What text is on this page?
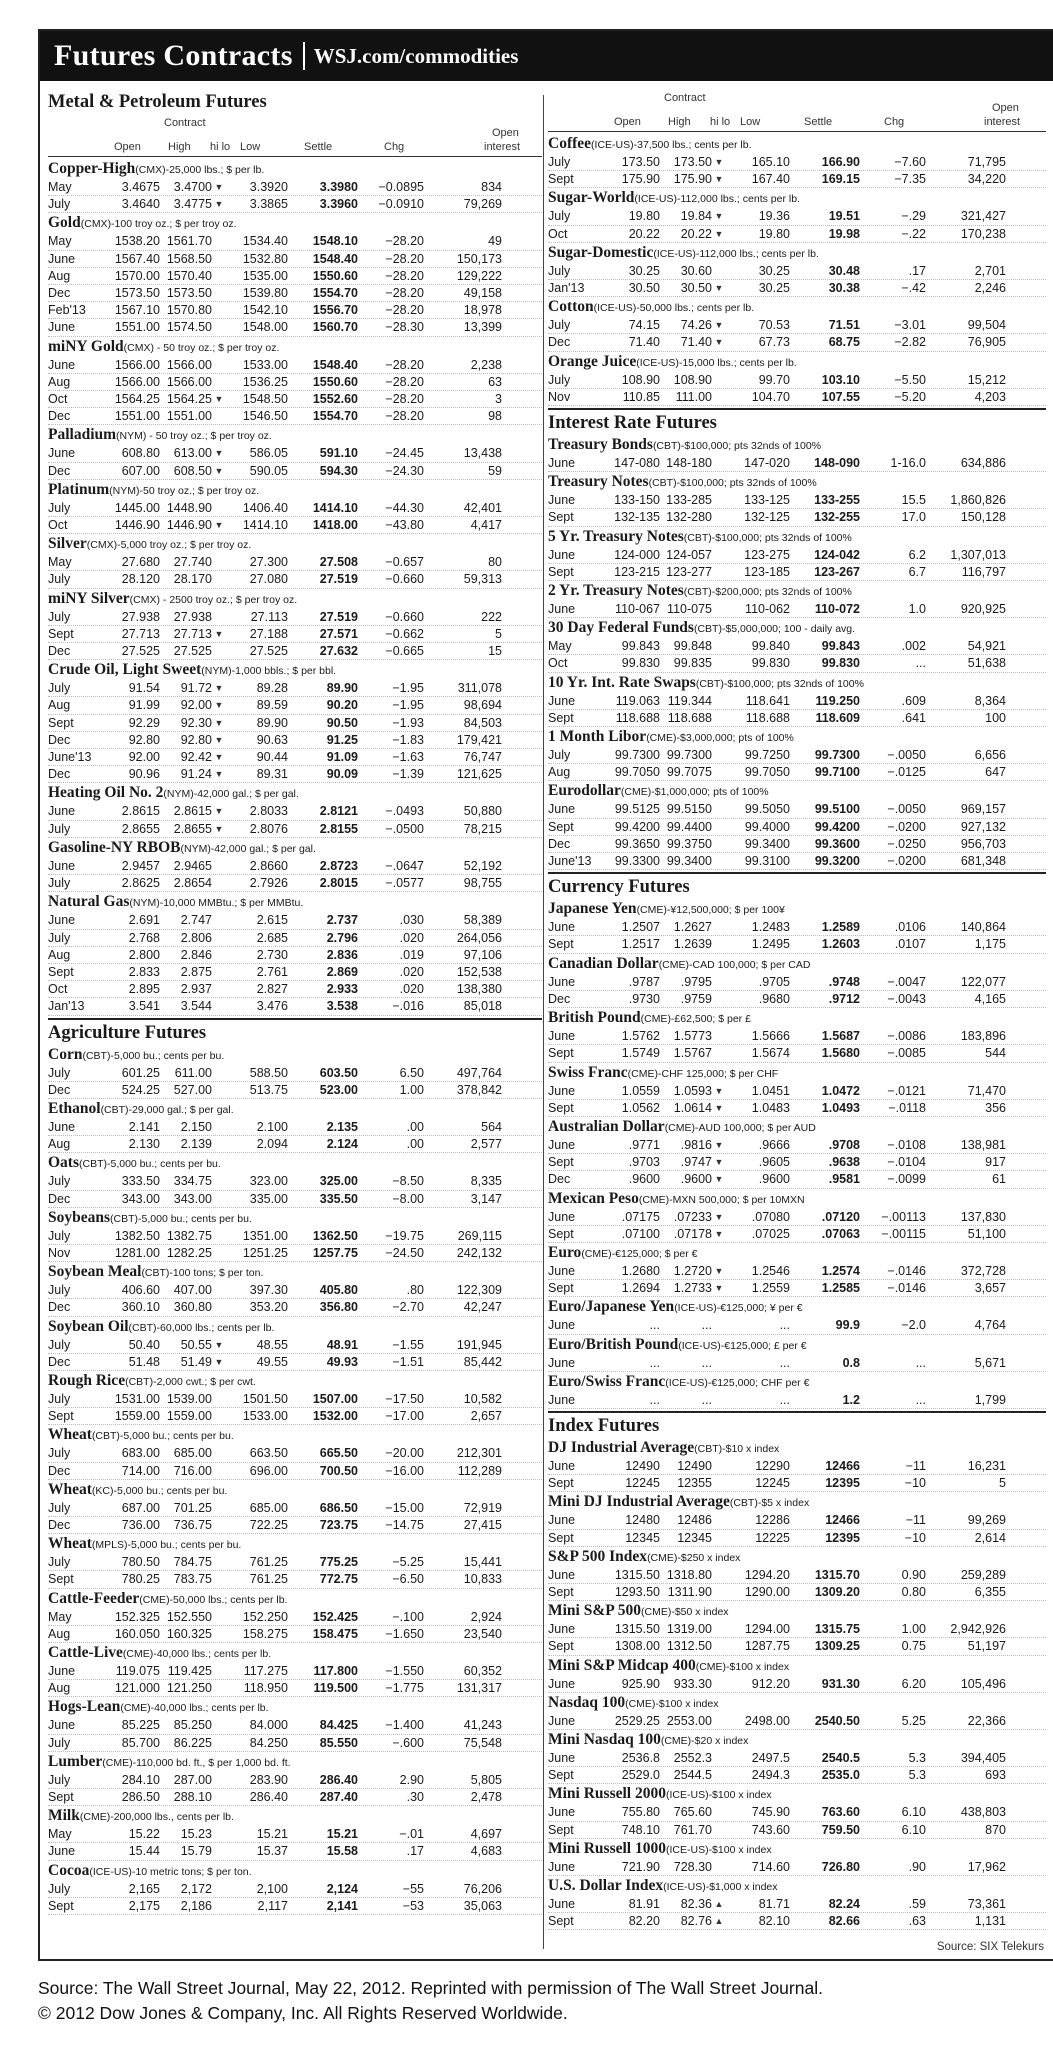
Futures Contracts WSJ.com/commodities
Metal & Petroleum Futures
Contract
Open High hi lo Low	Settle	Chg
Open
interest
Copper-High(CMX)-25,000 lbs.; $ per lb.
May	3.4675	3.4700 ▼	3.3920	3.3980	−0.0895	834
July	3.4640	3.4775 ▼	3.3865	3.3960	−0.0910	79,269
Gold(CMX)-100 troy oz.; $ per troy oz.
May	1538.20 1561.70	1534.40	1548.10	−28.20	49
June	1567.40 1568.50	1532.80	1548.40	−28.20	150,173
Aug	1570.00 1570.40	1535.00	1550.60	−28.20	129,222
Dec	1573.50 1573.50	1539.80	1554.70	−28.20	49,158
Feb'13	1567.10 1570.80	1542.10	1556.70	−28.20	18,978
June	1551.00 1574.50	1548.00	1560.70	−28.30	13,399
miNY Gold(CMX) - 50 troy oz.; $ per troy oz.
June	1566.00 1566.00	1533.00	1548.40	−28.20	2,238
Aug	1566.00 1566.00	1536.25	1550.60	−28.20	63
Oct	1564.25 1564.25 ▼	1548.50	1552.60	−28.20	3
Dec	1551.00 1551.00	1546.50	1554.70	−28.20	98
Palladium(NYM) - 50 troy oz.; $ per troy oz.
June	608.80	613.00 ▼	586.05	591.10	−24.45	13,438
Dec	607.00	608.50 ▼	590.05	594.30	−24.30	59
Platinum(NYM)-50 troy oz.; $ per troy oz.
July	1445.00 1448.90	1406.40	1414.10	−44.30	42,401
Oct	1446.90 1446.90 ▼	1414.10	1418.00	−43.80	4,417
Silver(CMX)-5,000 troy oz.; $ per troy oz.
May	27.680	27.740	27.300	27.508	−0.657	80
July	28.120	28.170	27.080	27.519	−0.660	59,313
miNY Silver(CMX) - 2500 troy oz.; $ per troy oz.
July	27.938	27.938	27.113	27.519	−0.660	222
Sept	27.713	27.713 ▼	27.188	27.571	−0.662	5
Dec	27.525	27.525	27.525	27.632	−0.665	15
Crude Oil, Light Sweet(NYM)-1,000 bbls.; $ per bbl.
July	91.54	91.72 ▼	89.28	89.90	−1.95	311,078
Aug	91.99	92.00 ▼	89.59	90.20	−1.95	98,694
Sept	92.29	92.30 ▼	89.90	90.50	−1.93	84,503
Dec	92.80	92.80 ▼	90.63	91.25	−1.83	179,421
June'13	92.00	92.42 ▼	90.44	91.09	−1.63	76,747
Dec	90.96	91.24 ▼	89.31	90.09	−1.39	121,625
Heating Oil No. 2(NYM)-42,000 gal.; $ per gal.
June	2.8615	2.8615 ▼	2.8033	2.8121	−.0493	50,880
July	2.8655	2.8655 ▼	2.8076	2.8155	−.0500	78,215
Gasoline-NY RBOB(NYM)-42,000 gal.; $ per gal.
June	2.9457	2.9465	2.8660	2.8723	−.0647	52,192
July	2.8625	2.8654	2.7926	2.8015	−.0577	98,755
Natural Gas(NYM)-10,000 MMBtu.; $ per MMBtu.
June	2.691	2.747	2.615	2.737	.030	58,389
July	2.768	2.806	2.685	2.796	.020	264,056
Aug	2.800	2.846	2.730	2.836	.019	97,106
Sept	2.833	2.875	2.761	2.869	.020	152,538
Oct	2.895	2.937	2.827	2.933	.020	138,380
Jan'13	3.541	3.544	3.476	3.538	−.016	85,018
Agriculture Futures
Corn(CBT)-5,000 bu.; cents per bu.
July	601.25	611.00	588.50	603.50	6.50	497,764
Dec	524.25	527.00	513.75	523.00	1.00	378,842
Ethanol(CBT)-29,000 gal.; $ per gal.
June	2.141	2.150	2.100	2.135	.00	564
Aug	2.130	2.139	2.094	2.124	.00	2,577
Oats(CBT)-5,000 bu.; cents per bu.
July	333.50	334.75	323.00	325.00	−8.50	8,335
Dec	343.00	343.00	335.00	335.50	−8.00	3,147
Soybeans(CBT)-5,000 bu.; cents per bu.
July	1382.50 1382.75	1351.00	1362.50	−19.75	269,115
Nov	1281.00 1282.25	1251.25	1257.75	−24.50	242,132
Soybean Meal(CBT)-100 tons; $ per ton.
July	406.60	407.00	397.30	405.80	.80	122,309
Dec	360.10	360.80	353.20	356.80	−2.70	42,247
Soybean Oil(CBT)-60,000 lbs.; cents per lb.
July	50.40	50.55 ▼	48.55	48.91	−1.55	191,945
Dec	51.48	51.49 ▼	49.55	49.93	−1.51	85,442
Rough Rice(CBT)-2,000 cwt.; $ per cwt.
July	1531.00 1539.00	1501.50	1507.00	−17.50	10,582
Sept	1559.00 1559.00	1533.00	1532.00	−17.00	2,657
Wheat(CBT)-5,000 bu.; cents per bu.
July	683.00	685.00	663.50	665.50	−20.00	212,301
Dec	714.00	716.00	696.00	700.50	−16.00	112,289
Wheat(KC)-5,000 bu.; cents per bu.
July	687.00	701.25	685.00	686.50	−15.00	72,919
Dec	736.00	736.75	722.25	723.75	−14.75	27,415
Wheat(MPLS)-5,000 bu.; cents per bu.
July	780.50	784.75	761.25	775.25	−5.25	15,441
Sept	780.25	783.75	761.25	772.75	−6.50	10,833
Cattle-Feeder(CME)-50,000 lbs.; cents per lb.
May	152.325 152.550	152.250	152.425	−.100	2,924
Aug	160.050 160.325	158.275	158.475	−1.650	23,540
Cattle-Live(CME)-40,000 lbs.; cents per lb.
June	119.075 119.425	117.275	117.800	−1.550	60,352
Aug	121.000 121.250	118.950	119.500	−1.775	131,317
Hogs-Lean(CME)-40,000 lbs.; cents per lb.
June	85.225	85.250	84.000	84.425	−1.400	41,243
July	85.700	86.225	84.250	85.550	−.600	75,548
Lumber(CME)-110,000 bd. ft., $ per 1,000 bd. ft.
July	284.10	287.00	283.90	286.40	2.90	5,805
Sept	286.50	288.10	286.40	287.40	.30	2,478
Milk(CME)-200,000 lbs., cents per lb.
May	15.22	15.23	15.21	15.21	−.01	4,697
June	15.44	15.79	15.37	15.58	.17	4,683
Cocoa(ICE-US)-10 metric tons; $ per ton.
July	2,165	2,172	2,100	2,124	−55	76,206
Sept	2,175	2,186	2,117	2,141	−53	35,063
Contract
Open High hi lo Low	Settle	Chg
Open
interest
Coffee(ICE-US)-37,500 lbs.; cents per lb.
July	173.50	173.50 ▼	165.10	166.90	−7.60	71,795
Sept	175.90	175.90 ▼	167.40	169.15	−7.35	34,220
Sugar-World(ICE-US)-112,000 lbs.; cents per lb.
July	19.80	19.84 ▼	19.36	19.51	−.29	321,427
Oct	20.22	20.22 ▼	19.80	19.98	−.22	170,238
Sugar-Domestic(ICE-US)-112,000 lbs.; cents per lb.
July	30.25	30.60	30.25	30.48	.17	2,701
Jan'13	30.50	30.50 ▼	30.25	30.38	−.42	2,246
Cotton(ICE-US)-50,000 lbs.; cents per lb.
July	74.15	74.26 ▼	70.53	71.51	−3.01	99,504
Dec	71.40	71.40 ▼	67.73	68.75	−2.82	76,905
Orange Juice(ICE-US)-15,000 lbs.; cents per lb.
July	108.90	108.90	99.70	103.10	−5.50	15,212
Nov	110.85	111.00	104.70	107.55	−5.20	4,203
Interest Rate Futures
Treasury Bonds(CBT)-$100,000; pts 32nds of 100%
June	147-080 148-180	147-020	148-090	1-16.0	634,886
Treasury Notes(CBT)-$100,000; pts 32nds of 100%
June	133-150 133-285	133-125	133-255	15.5	1,860,826
Sept	132-135 132-280	132-125	132-255	17.0	150,128
5 Yr. Treasury Notes(CBT)-$100,000; pts 32nds of 100%
June	124-000 124-057	123-275	124-042	6.2	1,307,013
Sept	123-215 123-277	123-185	123-267	6.7	116,797
2 Yr. Treasury Notes(CBT)-$200,000; pts 32nds of 100%
June	110-067 110-075	110-062	110-072	1.0	920,925
30 Day Federal Funds(CBT)-$5,000,000; 100 - daily avg.
May	99.843	99.848	99.840	99.843	.002	54,921
Oct	99.830	99.835	99.830	99.830	...	51,638
10 Yr. Int. Rate Swaps(CBT)-$100,000; pts 32nds of 100%
June	119.063 119.344	118.641	119.250	.609	8,364
Sept	118.688 118.688	118.688	118.609	.641	100
1 Month Libor(CME)-$3,000,000; pts of 100%
July	99.7300 99.7300	99.7250	99.7300	−.0050	6,656
Aug	99.7050 99.7075	99.7050	99.7100	−.0125	647
Eurodollar(CME)-$1,000,000; pts of 100%
June	99.5125 99.5150	99.5050	99.5100	−.0050	969,157
Sept	99.4200 99.4400	99.4000	99.4200	−.0200	927,132
Dec	99.3650 99.3750	99.3400	99.3600	−.0250	956,703
June'13	99.3300 99.3400	99.3100	99.3200	−.0200	681,348
Currency Futures
Japanese Yen(CME)-¥12,500,000; $ per 100¥
June	1.2507	1.2627	1.2483	1.2589	.0106	140,864
Sept	1.2517	1.2639	1.2495	1.2603	.0107	1,175
Canadian Dollar(CME)-CAD 100,000; $ per CAD
June	.9787	.9795	.9705	.9748	−.0047	122,077
Dec	.9730	.9759	.9680	.9712	−.0043	4,165
British Pound(CME)-£62,500; $ per £
June	1.5762	1.5773	1.5666	1.5687	−.0086	183,896
Sept	1.5749	1.5767	1.5674	1.5680	−.0085	544
Swiss Franc(CME)-CHF 125,000; $ per CHF
June	1.0559	1.0593 ▼	1.0451	1.0472	−.0121	71,470
Sept	1.0562	1.0614 ▼	1.0483	1.0493	−.0118	356
Australian Dollar(CME)-AUD 100,000; $ per AUD
June	.9771	.9816 ▼	.9666	.9708	−.0108	138,981
Sept	.9703	.9747 ▼	.9605	.9638	−.0104	917
Dec	.9600	.9600 ▼	.9600	.9581	−.0099	61
Mexican Peso(CME)-MXN 500,000; $ per 10MXN
June	.07175	.07233 ▼	.07080	.07120	−.00113	137,830
Sept	.07100	.07178 ▼	.07025	.07063	−.00115	51,100
Euro(CME)-€125,000; $ per €
June	1.2680	1.2720 ▼	1.2546	1.2574	−.0146	372,728
Sept	1.2694	1.2733 ▼	1.2559	1.2585	−.0146	3,657
Euro/Japanese Yen(ICE-US)-€125,000; ¥ per €
June	...	...	...	99.9	−2.0	4,764
Euro/British Pound(ICE-US)-€125,000; £ per €
June	...	...	...	0.8	...	5,671
Euro/Swiss Franc(ICE-US)-€125,000; CHF per €
June	...	...	...	1.2	...	1,799
Index Futures
DJ Industrial Average(CBT)-$10 x index
June	12490	12490	12290	12466	−11	16,231
Sept	12245	12355	12245	12395	−10	5
Mini DJ Industrial Average(CBT)-$5 x index
June	12480	12486	12286	12466	−11	99,269
Sept	12345	12345	12225	12395	−10	2,614
S&P 500 Index(CME)-$250 x index
June	1315.50 1318.80	1294.20	1315.70	0.90	259,289
Sept	1293.50 1311.90	1290.00	1309.20	0.80	6,355
Mini S&P 500(CME)-$50 x index
June	1315.50 1319.00	1294.00	1315.75	1.00	2,942,926
Sept	1308.00 1312.50	1287.75	1309.25	0.75	51,197
Mini S&P Midcap 400(CME)-$100 x index
June	925.90	933.30	912.20	931.30	6.20	105,496
Nasdaq 100(CME)-$100 x index
June	2529.25 2553.00	2498.00	2540.50	5.25	22,366
Mini Nasdaq 100(CME)-$20 x index
June	2536.8	2552.3	2497.5	2540.5	5.3	394,405
Sept	2529.0	2544.5	2494.3	2535.0	5.3	693
Mini Russell 2000(ICE-US)-$100 x index
June	755.80	765.60	745.90	763.60	6.10	438,803
Sept	748.10	761.70	743.60	759.50	6.10	870
Mini Russell 1000(ICE-US)-$100 x index
June	721.90	728.30	714.60	726.80	.90	17,962
U.S. Dollar Index(ICE-US)-$1,000 x index
June	81.91	82.36 ▲	81.71	82.24	.59	73,361
Sept	82.20	82.76 ▲	82.10	82.66	.63	1,131
Source: SIX Telekurs
Source: The Wall Street Journal, May 22, 2012. Reprinted with permission of The Wall Street Journal.
© 2012 Dow Jones & Company, Inc. All Rights Reserved Worldwide.
